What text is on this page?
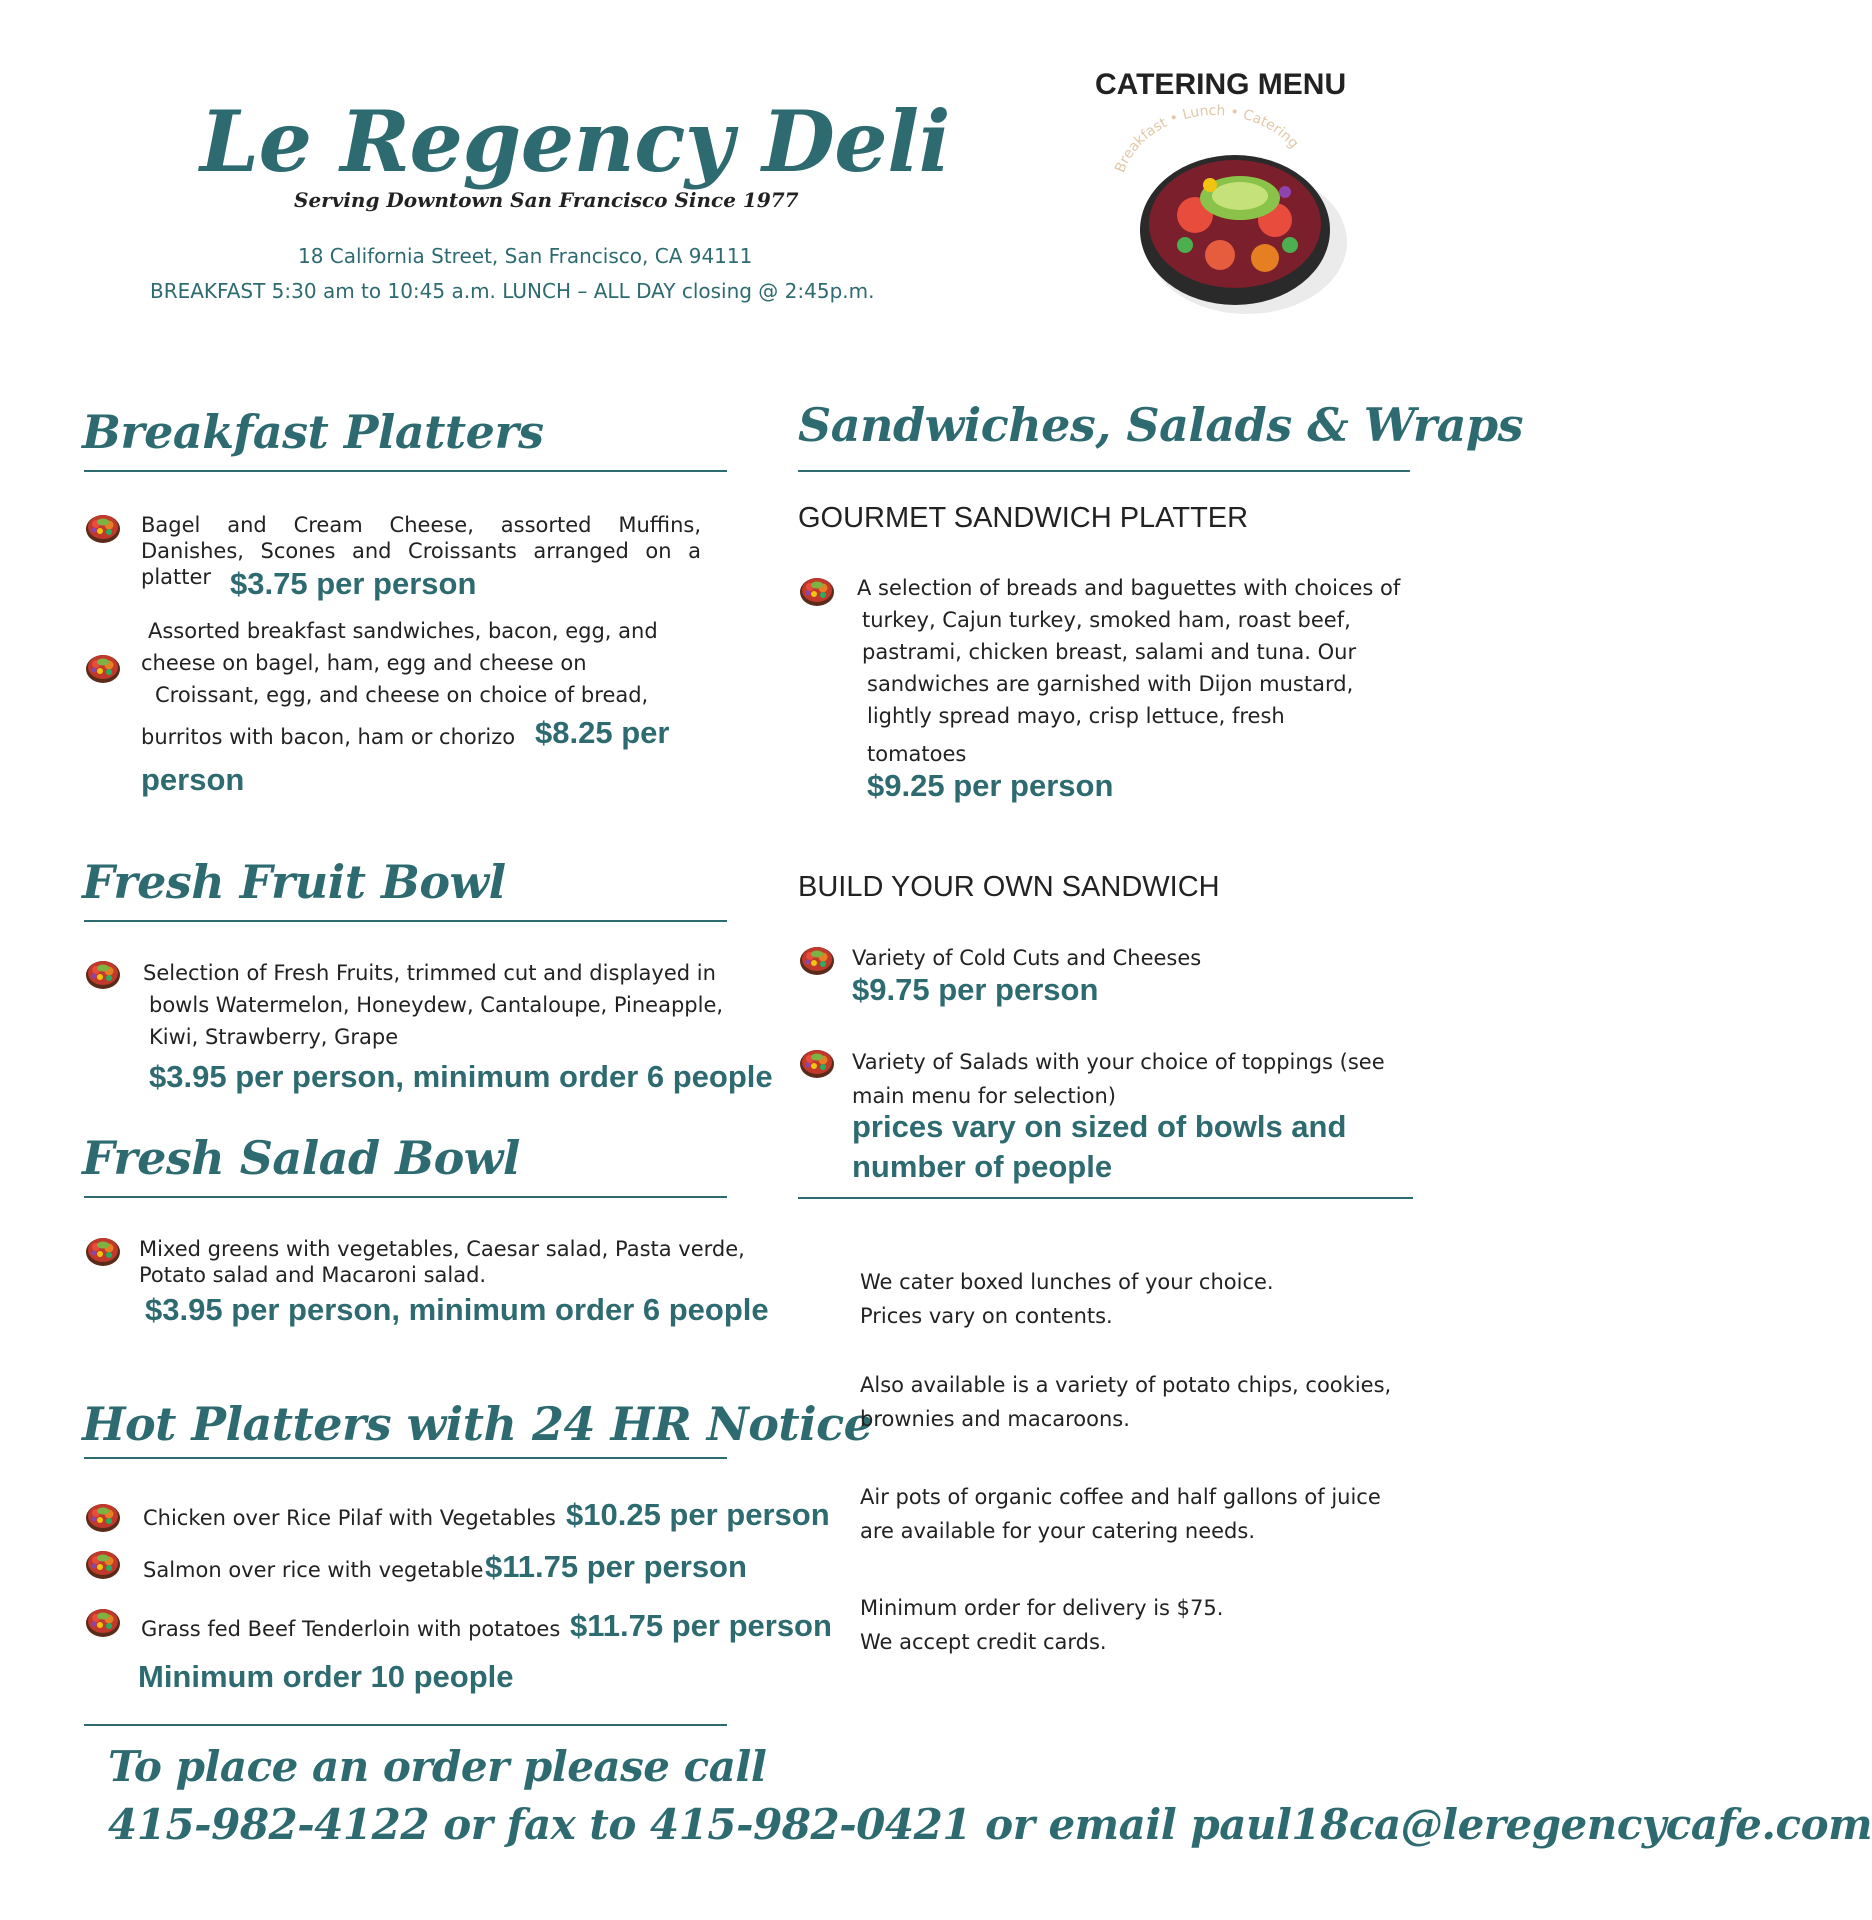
Le Regency Deli
Serving Downtown San Francisco Since 1977
18 California Street, San Francisco, CA 94111
BREAKFAST 5:30 am to 10:45 a.m. LUNCH – ALL DAY closing @ 2:45p.m.
CATERING MENU
Breakfast • Lunch • Catering
Breakfast Platters
Bagel and Cream Cheese, assorted Muffins, Danishes, Scones and Croissants arranged on a platter $3.75 per person
Assorted breakfast sandwiches, bacon, egg, and
cheese on bagel, ham, egg and cheese on
Croissant, egg, and cheese on choice of bread,
burritos with bacon, ham or chorizo $8.25 per
person
Fresh Fruit Bowl
Selection of Fresh Fruits, trimmed cut and displayed in
bowls Watermelon, Honeydew, Cantaloupe, Pineapple,
Kiwi, Strawberry, Grape
$3.95 per person, minimum order 6 people
Fresh Salad Bowl
Mixed greens with vegetables, Caesar salad, Pasta verde,
Potato salad and Macaroni salad.
$3.95 per person, minimum order 6 people
Hot Platters with 24 HR Notice
Chicken over Rice Pilaf with Vegetables $10.25 per person
Salmon over rice with vegetable $11.75 per person
Grass fed Beef Tenderloin with potatoes $11.75 per person
Minimum order 10 people
Sandwiches, Salads & Wraps
GOURMET SANDWICH PLATTER
A selection of breads and baguettes with choices of
turkey, Cajun turkey, smoked ham, roast beef,
pastrami, chicken breast, salami and tuna. Our
sandwiches are garnished with Dijon mustard,
lightly spread mayo, crisp lettuce, fresh
tomatoes
$9.25 per person
BUILD YOUR OWN SANDWICH
Variety of Cold Cuts and Cheeses
$9.75 per person
Variety of Salads with your choice of toppings (see
main menu for selection)
prices vary on sized of bowls and
number of people
We cater boxed lunches of your choice.
Prices vary on contents.
Also available is a variety of potato chips, cookies,
brownies and macaroons.
Air pots of organic coffee and half gallons of juice
are available for your catering needs.
Minimum order for delivery is $75.
We accept credit cards.
To place an order please call
415-982-4122 or fax to 415-982-0421 or email paul18ca@leregencycafe.com
